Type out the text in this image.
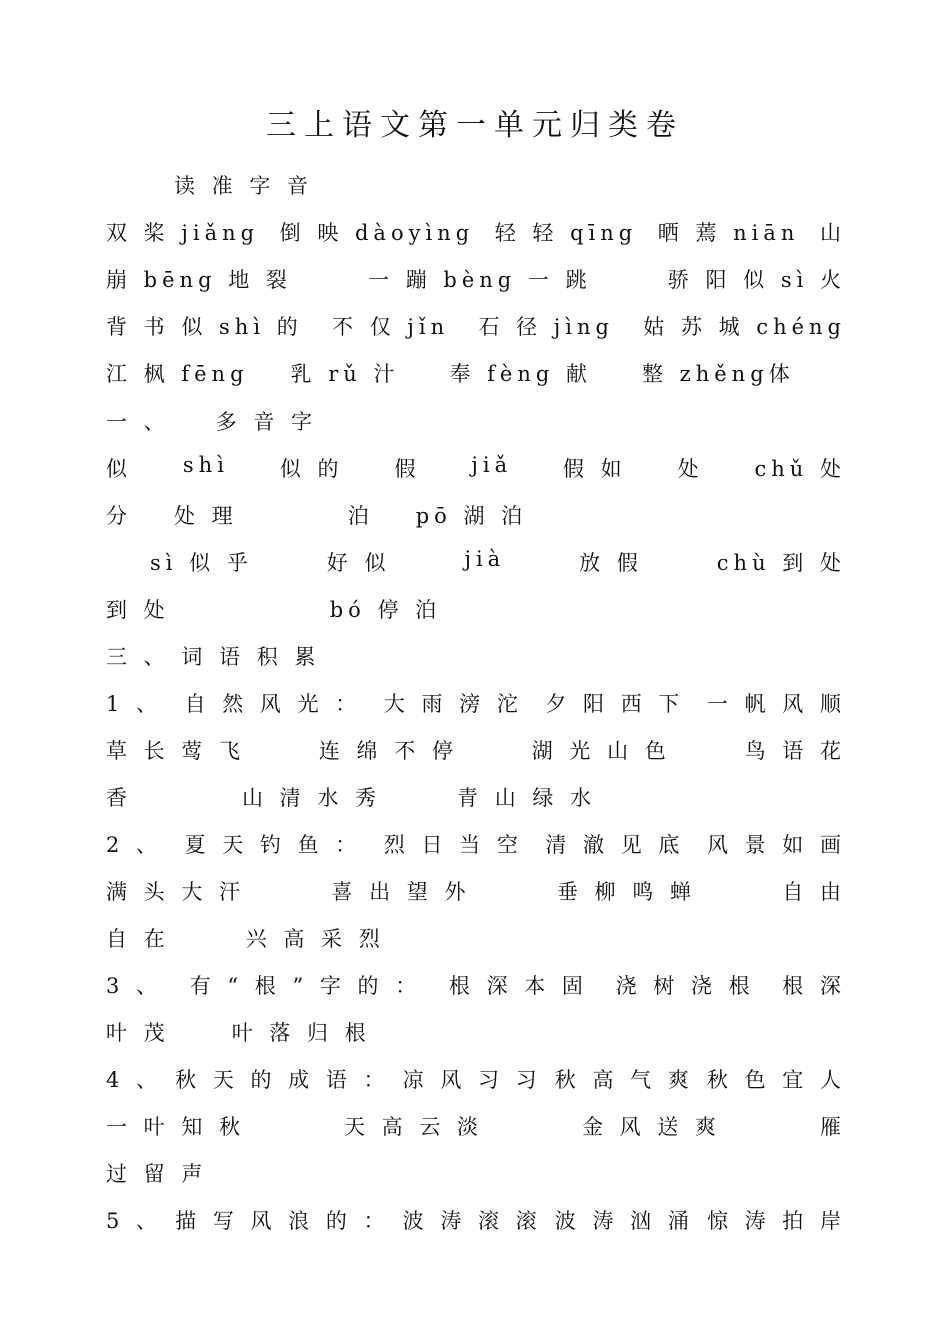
三上语文第一单元归类卷
读 准 字 音
双 桨 jiǎng 倒 映 dàoyìng 轻 轻 qīng 晒 蔫 niān 山
崩 bēng 地 裂	一 蹦 bèng 一 跳	骄 阳 似 sì 火
背 书 似 shì 的 不 仅 jǐn 石 径 jìng 姑 苏 城 chéng
江 枫 fēng 乳 rǔ 汁 奉 fèng 献 整 zhěng体
一 、 多 音 字
似 shì 似 的 假 jiǎ 假 如 处 chǔ 处
分 处 理	泊 pō 湖 泊
sì 似 乎	好 似	jià	放 假	chù 到 处
到 处	bó 停 泊
三 、 词 语 积 累
1 、 自 然 风 光 ： 大 雨 滂 沱 夕 阳 西 下 一 帆 风 顺
草 长 莺 飞	连 绵 不 停	湖 光 山 色	鸟 语 花
香	山 清 水 秀	青 山 绿 水
2 、 夏 天 钓 鱼 ： 烈 日 当 空 清 澈 见 底 风 景 如 画
满 头 大 汗	喜 出 望 外	垂 柳 鸣 蝉	自 由
自 在	兴 高 采 烈
3 、 有 “ 根 ” 字 的 ： 根 深 本 固 浇 树 浇 根 根 深
叶 茂	叶 落 归 根
4 、 秋 天 的 成 语 ： 凉 风 习 习 秋 高 气 爽 秋 色 宜 人
一 叶 知 秋	天 高 云 淡	金 风 送 爽	雁
过 留 声
5 、 描 写 风 浪 的 ： 波 涛 滚 滚 波 涛 汹 涌 惊 涛 拍 岸
